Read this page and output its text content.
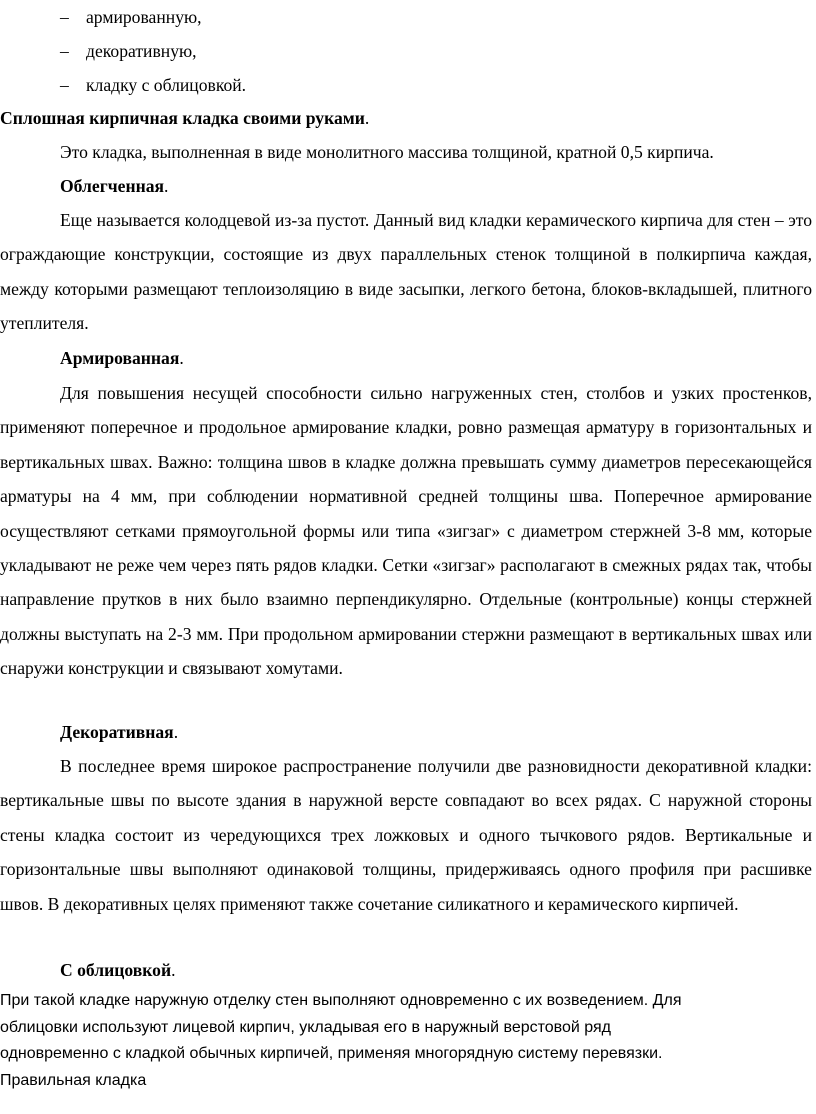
– армированную,
– декоративную,
– кладку с облицовкой.
Сплошная кирпичная кладка своими руками.
Это кладка, выполненная в виде монолитного массива толщиной, кратной 0,5 кирпича.
Облегченная.

Еще называется колодцевой из-за пустот. Данный вид кладки керамического кирпича для стен – это ограждающие конструкции, состоящие из двух параллельных стенок толщиной в полкирпича каждая, между которыми размещают теплоизоляцию в виде засыпки, легкого бетона, блоков-вкладышей, плитного утеплителя.

Армированная.

Для повышения несущей способности сильно нагруженных стен, столбов и узких простенков, применяют поперечное и продольное армирование кладки, ровно размещая арматуру в горизонтальных и вертикальных швах. Важно: толщина швов в кладке должна превышать сумму диаметров пересекающейся арматуры на 4 мм, при соблюдении нормативной средней толщины шва. Поперечное армирование осуществляют сетками прямоугольной формы или типа «зигзаг» с диаметром стержней 3-8 мм, которые укладывают не реже чем через пять рядов кладки. Сетки «зигзаг» располагают в смежных рядах так, чтобы направление прутков в них было взаимно перпендикулярно. Отдельные (контрольные) концы стержней должны выступать на 2-3 мм. При продольном армировании стержни размещают в вертикальных швах или снаружи конструкции и связывают хомутами.

Декоративная.

В последнее время широкое распространение получили две разновидности декоративной кладки: вертикальные швы по высоте здания в наружной версте совпадают во всех рядах. С наружной стороны стены кладка состоит из чередующихся трех ложковых и одного тычкового рядов. Вертикальные и горизонтальные швы выполняют одинаковой толщины, придерживаясь одного профиля при расшивке швов. В декоративных целях применяют также сочетание силикатного и керамического кирпичей.

С облицовкой.
При такой кладке наружную отделку стен выполняют одновременно с их возведением. Для
облицовки используют лицевой кирпич, укладывая его в наружный верстовой ряд
одновременно с кладкой обычных кирпичей, применяя многорядную систему перевязки.
Правильная кладка
